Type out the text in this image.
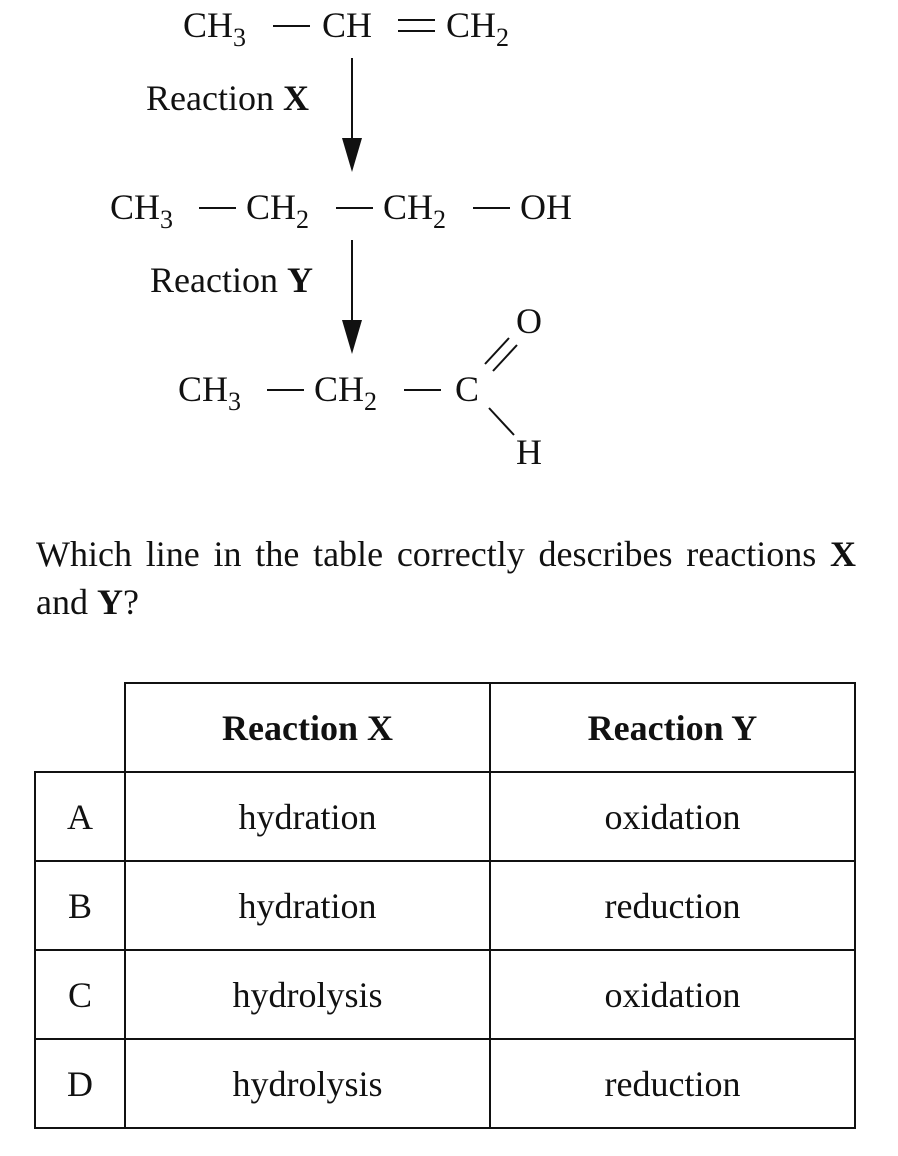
$CH_3$ CH $CH_2$
Reaction X
$CH_3$ $CH_2$ $CH_2$ OH
Reaction Y
$CH_3$ $CH_2$ C
O
H
Which line in the table correctly describes reactions X and Y?
	Reaction X	Reaction Y
A	hydration	oxidation
B	hydration	reduction
C	hydrolysis	oxidation
D	hydrolysis	reduction
